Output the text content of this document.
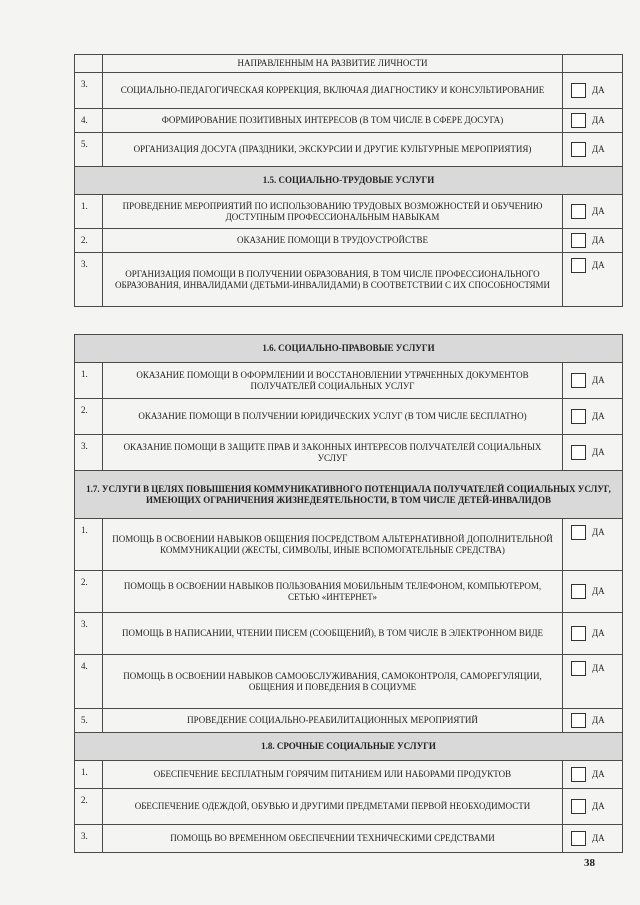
	НАПРАВЛЕННЫМ НА РАЗВИТИЕ ЛИЧНОСТИ	
3.	СОЦИАЛЬНО-ПЕДАГОГИЧЕСКАЯ КОРРЕКЦИЯ, ВКЛЮЧАЯ ДИАГНОСТИКУ И КОНСУЛЬТИРОВАНИЕ	ДА
4.	ФОРМИРОВАНИЕ ПОЗИТИВНЫХ ИНТЕРЕСОВ (В ТОМ ЧИСЛЕ В СФЕРЕ ДОСУГА)	ДА
5.	ОРГАНИЗАЦИЯ ДОСУГА (ПРАЗДНИКИ, ЭКСКУРСИИ И ДРУГИЕ КУЛЬТУРНЫЕ МЕРОПРИЯТИЯ)	ДА
1.5. СОЦИАЛЬНО-ТРУДОВЫЕ УСЛУГИ		
1.	ПРОВЕДЕНИЕ МЕРОПРИЯТИЙ ПО ИСПОЛЬЗОВАНИЮ ТРУДОВЫХ ВОЗМОЖНОСТЕЙ И ОБУЧЕНИЮ ДОСТУПНЫМ ПРОФЕССИОНАЛЬНЫМ НАВЫКАМ	ДА
2.	ОКАЗАНИЕ ПОМОЩИ В ТРУДОУСТРОЙСТВЕ	ДА
3.	ОРГАНИЗАЦИЯ ПОМОЩИ В ПОЛУЧЕНИИ ОБРАЗОВАНИЯ, В ТОМ ЧИСЛЕ ПРОФЕССИОНАЛЬНОГО ОБРАЗОВАНИЯ, ИНВАЛИДАМИ (ДЕТЬМИ-ИНВАЛИДАМИ) В СООТВЕТСТВИИ С ИХ СПОСОБНОСТЯМИ	ДА
1.6. СОЦИАЛЬНО-ПРАВОВЫЕ УСЛУГИ		
1.	ОКАЗАНИЕ ПОМОЩИ В ОФОРМЛЕНИИ И ВОССТАНОВЛЕНИИ УТРАЧЕННЫХ ДОКУМЕНТОВ ПОЛУЧАТЕЛЕЙ СОЦИАЛЬНЫХ УСЛУГ	ДА
2.	ОКАЗАНИЕ ПОМОЩИ В ПОЛУЧЕНИИ ЮРИДИЧЕСКИХ УСЛУГ (В ТОМ ЧИСЛЕ БЕСПЛАТНО)	ДА
3.	ОКАЗАНИЕ ПОМОЩИ В ЗАЩИТЕ ПРАВ И ЗАКОННЫХ ИНТЕРЕСОВ ПОЛУЧАТЕЛЕЙ СОЦИАЛЬНЫХ УСЛУГ	ДА
1.7. УСЛУГИ В ЦЕЛЯХ ПОВЫШЕНИЯ КОММУНИКАТИВНОГО ПОТЕНЦИАЛА ПОЛУЧАТЕЛЕЙ СОЦИАЛЬНЫХ УСЛУГ, ИМЕЮЩИХ ОГРАНИЧЕНИЯ ЖИЗНЕДЕЯТЕЛЬНОСТИ, В ТОМ ЧИСЛЕ ДЕТЕЙ-ИНВАЛИДОВ		
1.	ПОМОЩЬ В ОСВОЕНИИ НАВЫКОВ ОБЩЕНИЯ ПОСРЕДСТВОМ АЛЬТЕРНАТИВНОЙ ДОПОЛНИТЕЛЬНОЙ КОММУНИКАЦИИ (ЖЕСТЫ, СИМВОЛЫ, ИНЫЕ ВСПОМОГАТЕЛЬНЫЕ СРЕДСТВА)	ДА
2.	ПОМОЩЬ В ОСВОЕНИИ НАВЫКОВ ПОЛЬЗОВАНИЯ МОБИЛЬНЫМ ТЕЛЕФОНОМ, КОМПЬЮТЕРОМ, СЕТЬЮ «ИНТЕРНЕТ»	ДА
3.	ПОМОЩЬ В НАПИСАНИИ, ЧТЕНИИ ПИСЕМ (СООБЩЕНИЙ), В ТОМ ЧИСЛЕ В ЭЛЕКТРОННОМ ВИДЕ	ДА
4.	ПОМОЩЬ В ОСВОЕНИИ НАВЫКОВ САМООБСЛУЖИВАНИЯ, САМОКОНТРОЛЯ, САМОРЕГУЛЯЦИИ, ОБЩЕНИЯ И ПОВЕДЕНИЯ В СОЦИУМЕ	ДА
5.	ПРОВЕДЕНИЕ СОЦИАЛЬНО-РЕАБИЛИТАЦИОННЫХ МЕРОПРИЯТИЙ	ДА
1.8. СРОЧНЫЕ СОЦИАЛЬНЫЕ УСЛУГИ		
1.	ОБЕСПЕЧЕНИЕ БЕСПЛАТНЫМ ГОРЯЧИМ ПИТАНИЕМ ИЛИ НАБОРАМИ ПРОДУКТОВ	ДА
2.	ОБЕСПЕЧЕНИЕ ОДЕЖДОЙ, ОБУВЬЮ И ДРУГИМИ ПРЕДМЕТАМИ ПЕРВОЙ НЕОБХОДИМОСТИ	ДА
3.	ПОМОЩЬ ВО ВРЕМЕННОМ ОБЕСПЕЧЕНИИ ТЕХНИЧЕСКИМИ СРЕДСТВАМИ	ДА
38
